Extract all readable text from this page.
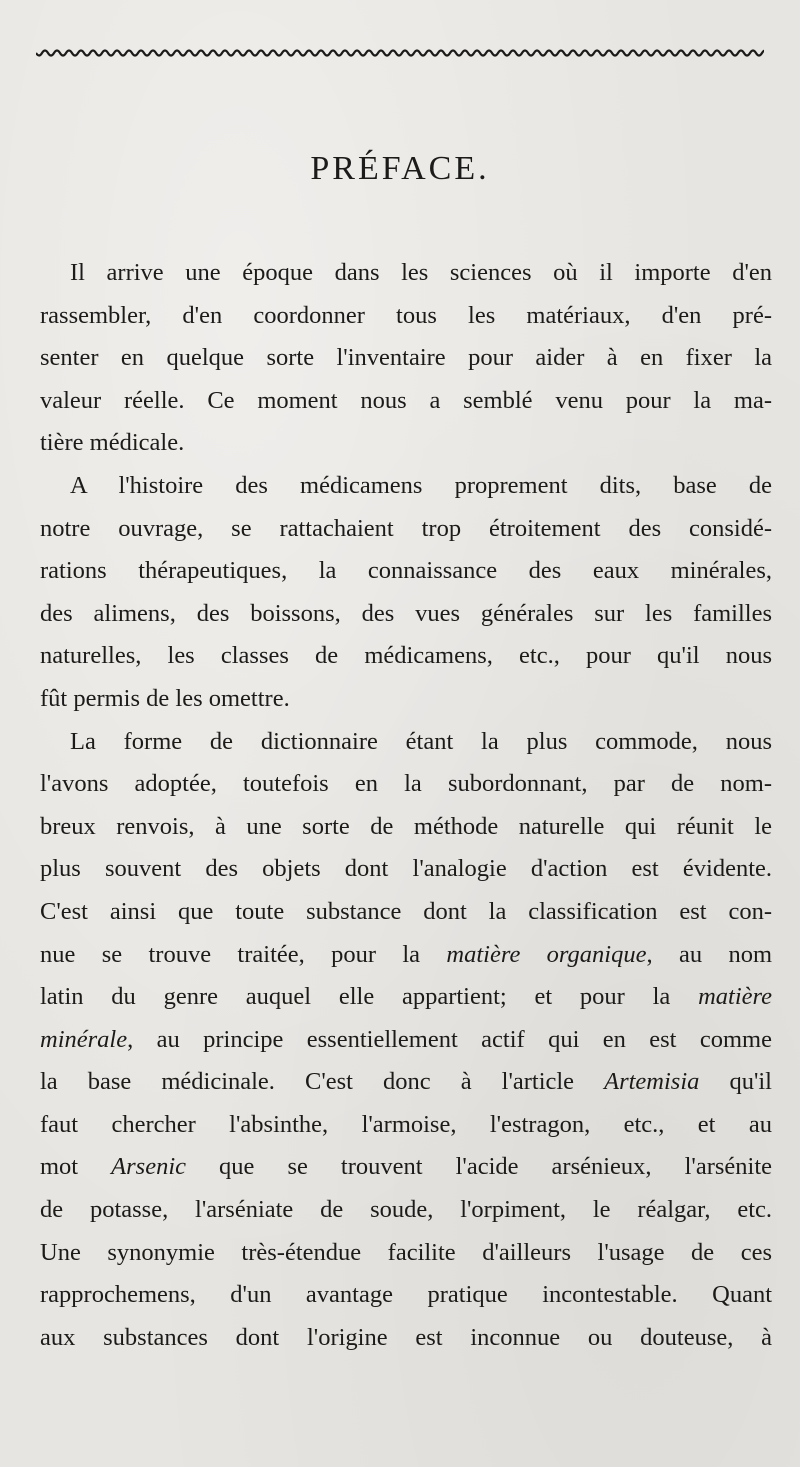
PRÉFACE.
Il arrive une époque dans les sciences où il importe d'en
rassembler, d'en coordonner tous les matériaux, d'en pré-
senter en quelque sorte l'inventaire pour aider à en fixer la
valeur réelle. Ce moment nous a semblé venu pour la ma-
tière médicale.
A l'histoire des médicamens proprement dits, base de
notre ouvrage, se rattachaient trop étroitement des considé-
rations thérapeutiques, la connaissance des eaux minérales,
des alimens, des boissons, des vues générales sur les familles
naturelles, les classes de médicamens, etc., pour qu'il nous
fût permis de les omettre.
La forme de dictionnaire étant la plus commode, nous
l'avons adoptée, toutefois en la subordonnant, par de nom-
breux renvois, à une sorte de méthode naturelle qui réunit le
plus souvent des objets dont l'analogie d'action est évidente.
C'est ainsi que toute substance dont la classification est con-
nue se trouve traitée, pour la matière organique, au nom
latin du genre auquel elle appartient; et pour la matière
minérale, au principe essentiellement actif qui en est comme
la base médicinale. C'est donc à l'article Artemisia qu'il
faut chercher l'absinthe, l'armoise, l'estragon, etc., et au
mot Arsenic que se trouvent l'acide arsénieux, l'arsénite
de potasse, l'arséniate de soude, l'orpiment, le réalgar, etc.
Une synonymie très-étendue facilite d'ailleurs l'usage de ces
rapprochemens, d'un avantage pratique incontestable. Quant
aux substances dont l'origine est inconnue ou douteuse, à
